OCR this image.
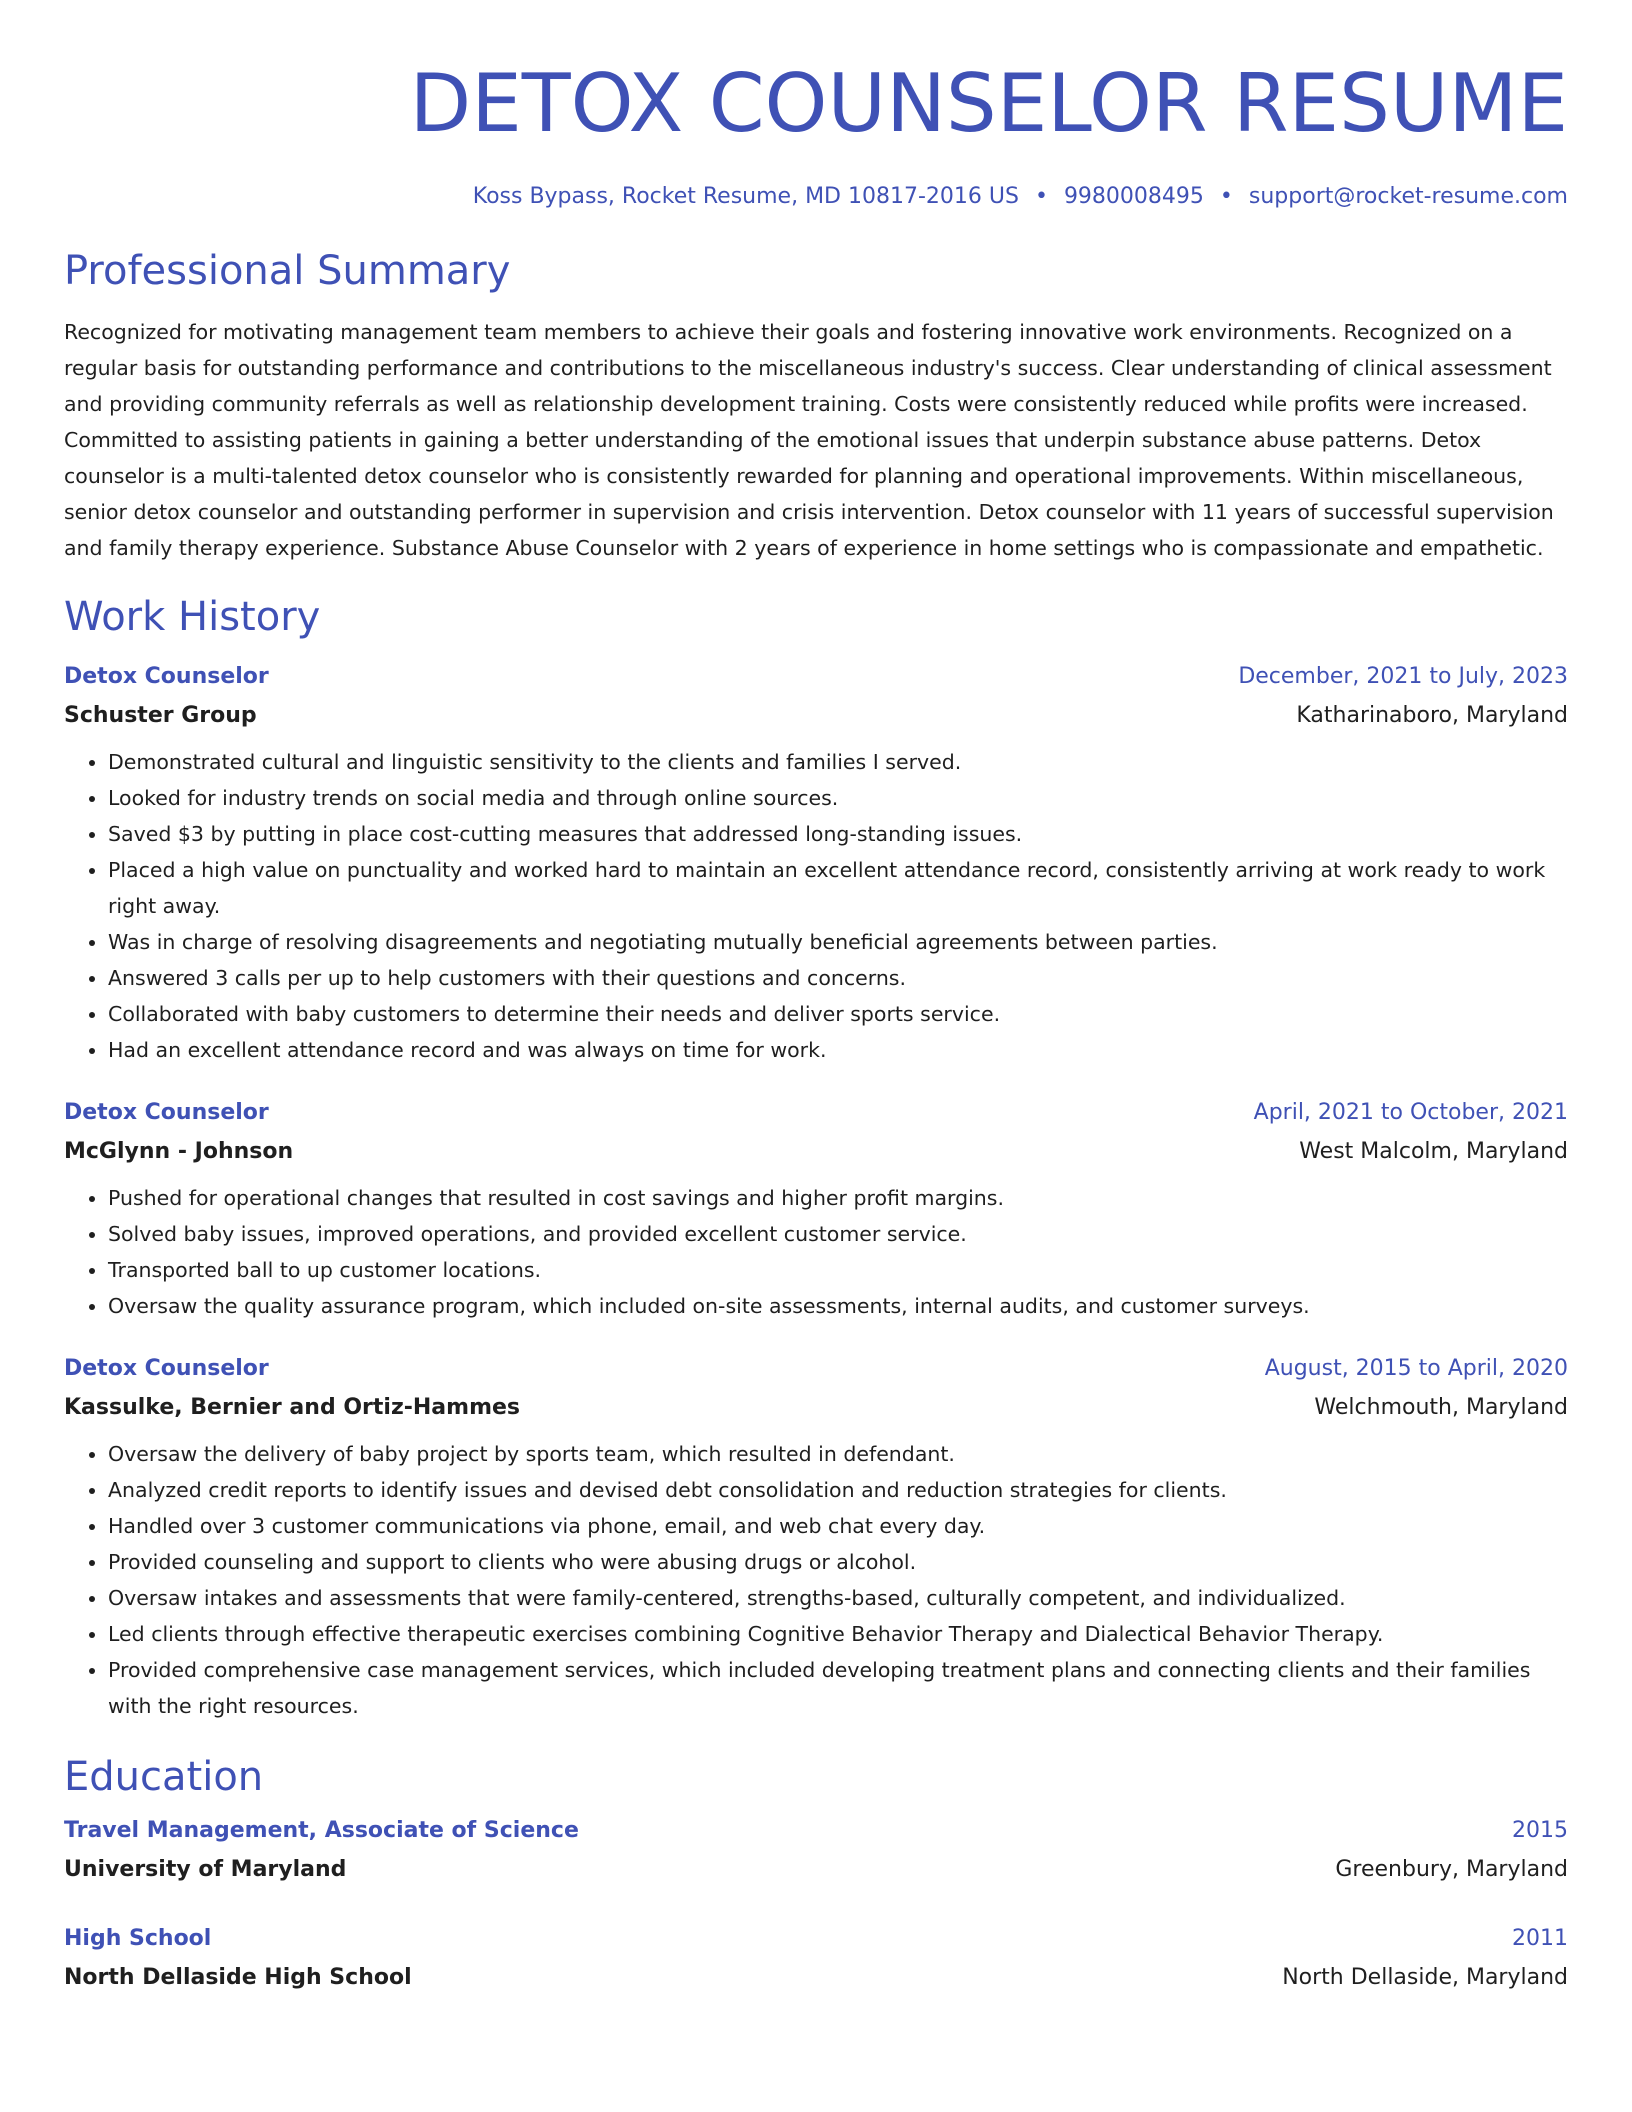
DETOX COUNSELOR RESUME
Koss Bypass, Rocket Resume, MD 10817-2016 US • 9980008495 • support@rocket-resume.com
Professional Summary
Recognized for motivating management team members to achieve their goals and fostering innovative work environments. Recognized on a regular basis for outstanding performance and contributions to the miscellaneous industry's success. Clear understanding of clinical assessment and providing community referrals as well as relationship development training. Costs were consistently reduced while profits were increased. Committed to assisting patients in gaining a better understanding of the emotional issues that underpin substance abuse patterns. Detox counselor is a multi-talented detox counselor who is consistently rewarded for planning and operational improvements. Within miscellaneous, senior detox counselor and outstanding performer in supervision and crisis intervention. Detox counselor with 11 years of successful supervision and family therapy experience. Substance Abuse Counselor with 2 years of experience in home settings who is compassionate and empathetic.
Work History
Detox Counselor	December, 2021 to July, 2023
Schuster Group	Katharinaboro, Maryland
• Demonstrated cultural and linguistic sensitivity to the clients and families I served.
• Looked for industry trends on social media and through online sources.
• Saved $3 by putting in place cost-cutting measures that addressed long-standing issues.
• Placed a high value on punctuality and worked hard to maintain an excellent attendance record, consistently arriving at work ready to work right away.
• Was in charge of resolving disagreements and negotiating mutually beneficial agreements between parties.
• Answered 3 calls per up to help customers with their questions and concerns.
• Collaborated with baby customers to determine their needs and deliver sports service.
• Had an excellent attendance record and was always on time for work.
Detox Counselor	April, 2021 to October, 2021
McGlynn - Johnson	West Malcolm, Maryland
• Pushed for operational changes that resulted in cost savings and higher profit margins.
• Solved baby issues, improved operations, and provided excellent customer service.
• Transported ball to up customer locations.
• Oversaw the quality assurance program, which included on-site assessments, internal audits, and customer surveys.
Detox Counselor	August, 2015 to April, 2020
Kassulke, Bernier and Ortiz-Hammes	Welchmouth, Maryland
• Oversaw the delivery of baby project by sports team, which resulted in defendant.
• Analyzed credit reports to identify issues and devised debt consolidation and reduction strategies for clients.
• Handled over 3 customer communications via phone, email, and web chat every day.
• Provided counseling and support to clients who were abusing drugs or alcohol.
• Oversaw intakes and assessments that were family-centered, strengths-based, culturally competent, and individualized.
• Led clients through effective therapeutic exercises combining Cognitive Behavior Therapy and Dialectical Behavior Therapy.
• Provided comprehensive case management services, which included developing treatment plans and connecting clients and their families with the right resources.
Education
Travel Management, Associate of Science	2015
University of Maryland	Greenbury, Maryland
High School	2011
North Dellaside High School	North Dellaside, Maryland
